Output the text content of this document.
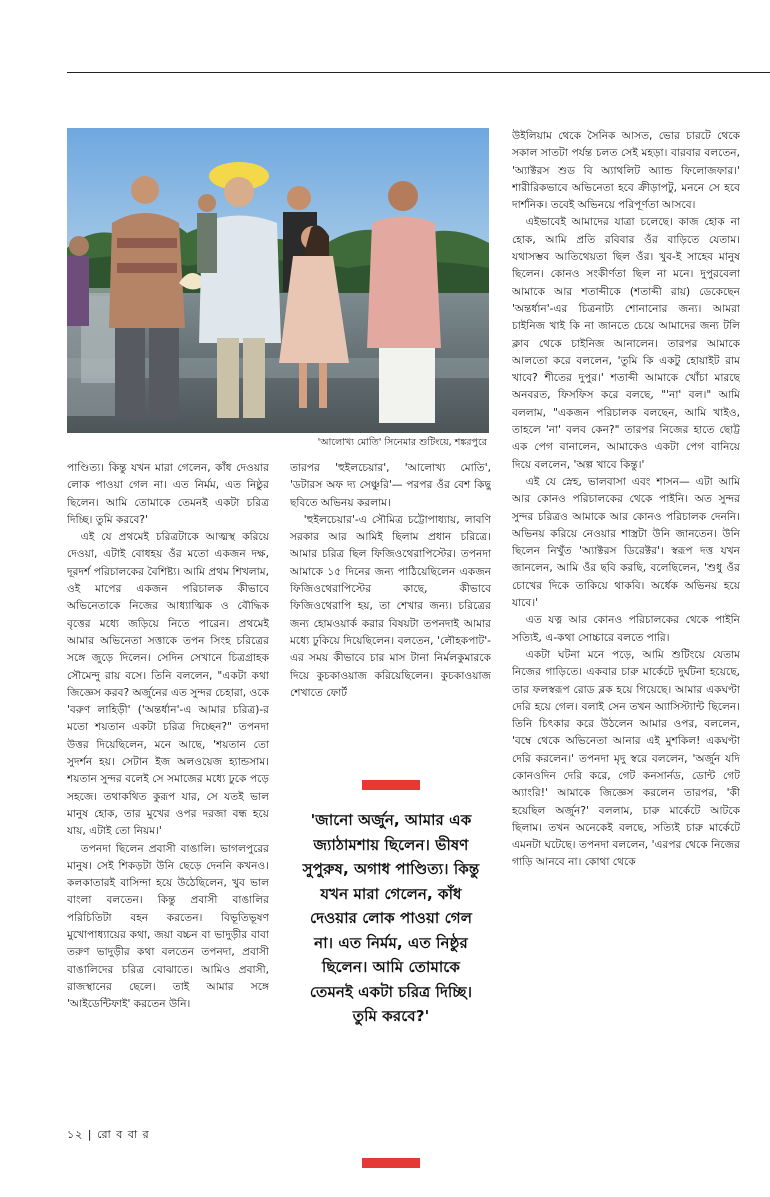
'আলোখ্য মোতি' সিনেমার শুটিংয়ে, শঙ্করপুরে

পাণ্ডিত্য। কিন্তু যখন মারা গেলেন, কাঁধ দেওয়ার লোক পাওয়া গেল না। এত নির্মম, এত নিষ্ঠুর ছিলেন। আমি তোমাকে তেমনই একটা চরিত্র দিচ্ছি। তুমি করবে?'

এই যে প্রথমেই চরিত্রটাকে আত্মস্থ করিয়ে দেওয়া, এটাই বোধহয় ওঁর মতো একজন দক্ষ, দূরদর্শ পরিচালকের বৈশিষ্ট্য। আমি প্রথম শিখলাম, ওই মাপের একজন পরিচালক কীভাবে অভিনেতাকে নিজের আধ্যাত্মিক ও বৌদ্ধিক বৃত্তের মধ্যে জড়িয়ে নিতে পারেন। প্রথমেই আমার অভিনেতা সত্তাকে তপন সিংহ চরিত্রের সঙ্গে জুড়ে দিলেন। সেদিন সেখানে চিত্রগ্রাহক সৌমেন্দু রায় বসে। তিনি বললেন, "একটা কথা জিজ্ঞেস করব? অর্জুনের এত সুন্দর চেহারা, ওকে 'বরুণ লাহিড়ী' ('অন্তর্ধান'-এ আমার চরিত্র)-র মতো শয়তান একটা চরিত্র দিচ্ছেন?" তপনদা উত্তর দিয়েছিলেন, মনে আছে, 'শয়তান তো সুদর্শন হয়। সেটান ইজ অলওয়েজ হ্যান্ডসাম। শয়তান সুন্দর বলেই সে সমাজের মধ্যে ঢুকে পড়ে সহজে। তথাকথিত কুরূপ যার, সে যতই ভাল মানুষ হোক, তার মুখের ওপর দরজা বন্ধ হয়ে যায়, এটাই তো নিয়ম।'

তপনদা ছিলেন প্রবাসী বাঙালি। ভাগলপুরের মানুষ। সেই শিকড়টা উনি ছেড়ে দেননি কখনও। কলকাতারই বাসিন্দা হয়ে উঠেছিলেন, খুব ভাল বাংলা বলতেন। কিন্তু প্রবাসী বাঙালির পরিচিতিটা বহন করতেন। বিভূতিভূষণ মুখোপাধ্যায়ের কথা, জয়া বচ্চন বা ভাদুড়ীর বাবা তরুণ ভাদুড়ীর কথা বলতেন তপনদা, প্রবাসী বাঙালিদের চরিত্র বোঝাতে। আমিও প্রবাসী, রাজস্থানের ছেলে। তাই আমার সঙ্গে 'আইডেন্টিফাই' করতেন উনি।

তারপর 'হুইলচেয়ার', 'আলোখ্য মোতি', 'ডটারস অফ দ্য সেঞ্চুরি'— পরপর ওঁর বেশ কিছু ছবিতে অভিনয় করলাম।

'হুইলচেয়ার'-এ সৌমিত্র চট্টোপাধ্যায়, লাবণি সরকার আর আমিই ছিলাম প্রধান চরিত্রে। আমার চরিত্র ছিল ফিজিওথেরাপিস্টের। তপনদা আমাকে ১৫ দিনের জন্য পাঠিয়েছিলেন একজন ফিজিওথেরাপিস্টের কাছে, কীভাবে ফিজিওথেরাপি হয়, তা শেখার জন্য। চরিত্রের জন্য হোমওয়ার্ক করার বিষয়টা তপনদাই আমার মধ্যে ঢুকিয়ে দিয়েছিলেন। বলতেন, 'লৌহকপাট'-এর সময় কীভাবে চার মাস টানা নির্মলকুমারকে দিয়ে কুচকাওয়াজ করিয়েছিলেন। কুচকাওয়াজ শেখাতে ফোর্ট

'জানো অর্জুন, আমার এক জ্যাঠামশায় ছিলেন। ভীষণ সুপুরুষ, অগাধ পাণ্ডিত্য। কিন্তু যখন মারা গেলেন, কাঁধ দেওয়ার লোক পাওয়া গেল না। এত নির্মম, এত নিষ্ঠুর ছিলেন। আমি তোমাকে তেমনই একটা চরিত্র দিচ্ছি। তুমি করবে?'

উইলিয়াম থেকে সৈনিক আসত, ভোর চারটে থেকে সকাল সাতটা পর্যন্ত চলত সেই মহড়া। বারবার বলতেন, 'অ্যাক্টরস শুড বি অ্যাথলিট অ্যান্ড ফিলোজফার।' শারীরিকভাবে অভিনেতা হবে ক্রীড়াপটু, মননে সে হবে দার্শনিক। তবেই অভিনয়ে পরিপূর্ণতা আসবে।

এইভাবেই আমাদের যাত্রা চলেছে। কাজ হোক না হোক, আমি প্রতি রবিবার ওঁর বাড়িতে যেতাম। যথাসম্ভব আতিথেয়তা ছিল ওঁর। খুব-ই সাহেব মানুষ ছিলেন। কোনও সংকীর্ণতা ছিল না মনে। দুপুরবেলা আমাকে আর শতাব্দীকে (শতাব্দী রায়) ডেকেছেন 'অন্তর্ধান'-এর চিত্রনাট্য শোনানোর জন্য। আমরা চাইনিজ খাই কি না জানতে চেয়ে আমাদের জন্য টলি ক্লাব থেকে চাইনিজ আনালেন। তারপর আমাকে আলতো করে বললেন, 'তুমি কি একটু হোয়াইট রাম খাবে? শীতের দুপুর।' শতাব্দী আমাকে খোঁচা মারছে অনবরত, ফিসফিস করে বলছে, "'না' বল।" আমি বললাম, "একজন পরিচালক বলছেন, আমি খাইও, তাহলে 'না' বলব কেন?" তারপর নিজের হাতে ছোট্ট এক পেগ বানালেন, আমাকেও একটা পেগ বানিয়ে দিয়ে বললেন, 'অল্প খাবে কিন্তু।'

এই যে স্নেহ, ভালবাসা এবং শাসন— এটা আমি আর কোনও পরিচালকের থেকে পাইনি। অত সুন্দর সুন্দর চরিত্রও আমাকে আর কোনও পরিচালক দেননি। অভিনয় করিয়ে নেওয়ার শাস্ত্রটা উনি জানতেন। উনি ছিলেন নিখুঁত 'অ্যাক্টরস ডিরেক্টর'। স্বরূপ দত্ত যখন জানলেন, আমি ওঁর ছবি করছি, বলেছিলেন, 'শুধু ওঁর চোখের দিকে তাকিয়ে থাকবি। অর্ধেক অভিনয় হয়ে যাবে।'

এত যত্ন আর কোনও পরিচালকের থেকে পাইনি সত্যিই, এ-কথা সোচ্চারে বলতে পারি।

একটা ঘটনা মনে পড়ে, আমি শুটিংয়ে যেতাম নিজের গাড়িতে। একবার চারু মার্কেটে দুর্ঘটনা হয়েছে, তার ফলস্বরূপ রোড ব্লক হয়ে গিয়েছে। আমার একঘণ্টা দেরি হয়ে গেল। বলাই সেন তখন অ্যাসিস্ট্যান্ট ছিলেন। তিনি চিৎকার করে উঠলেন আমার ওপর, বললেন, 'বম্বে থেকে অভিনেতা আনার এই মুশকিল! একঘণ্টা দেরি করলেন।' তপনদা মৃদু স্বরে বললেন, 'অর্জুন যদি কোনওদিন দেরি করে, গেট কনসার্নড, ডোন্ট গেট অ্যাংরি!' আমাকে জিজ্ঞেস করলেন তারপর, 'কী হয়েছিল অর্জুন?' বললাম, চারু মার্কেটে আটকে ছিলাম। তখন অনেকেই বলছে, সত্যিই চারু মার্কেটে এমনটা ঘটেছে। তপনদা বললেন, 'এরপর থেকে নিজের গাড়ি আনবে না। কোথা থেকে

১২ | রো ব বা র
